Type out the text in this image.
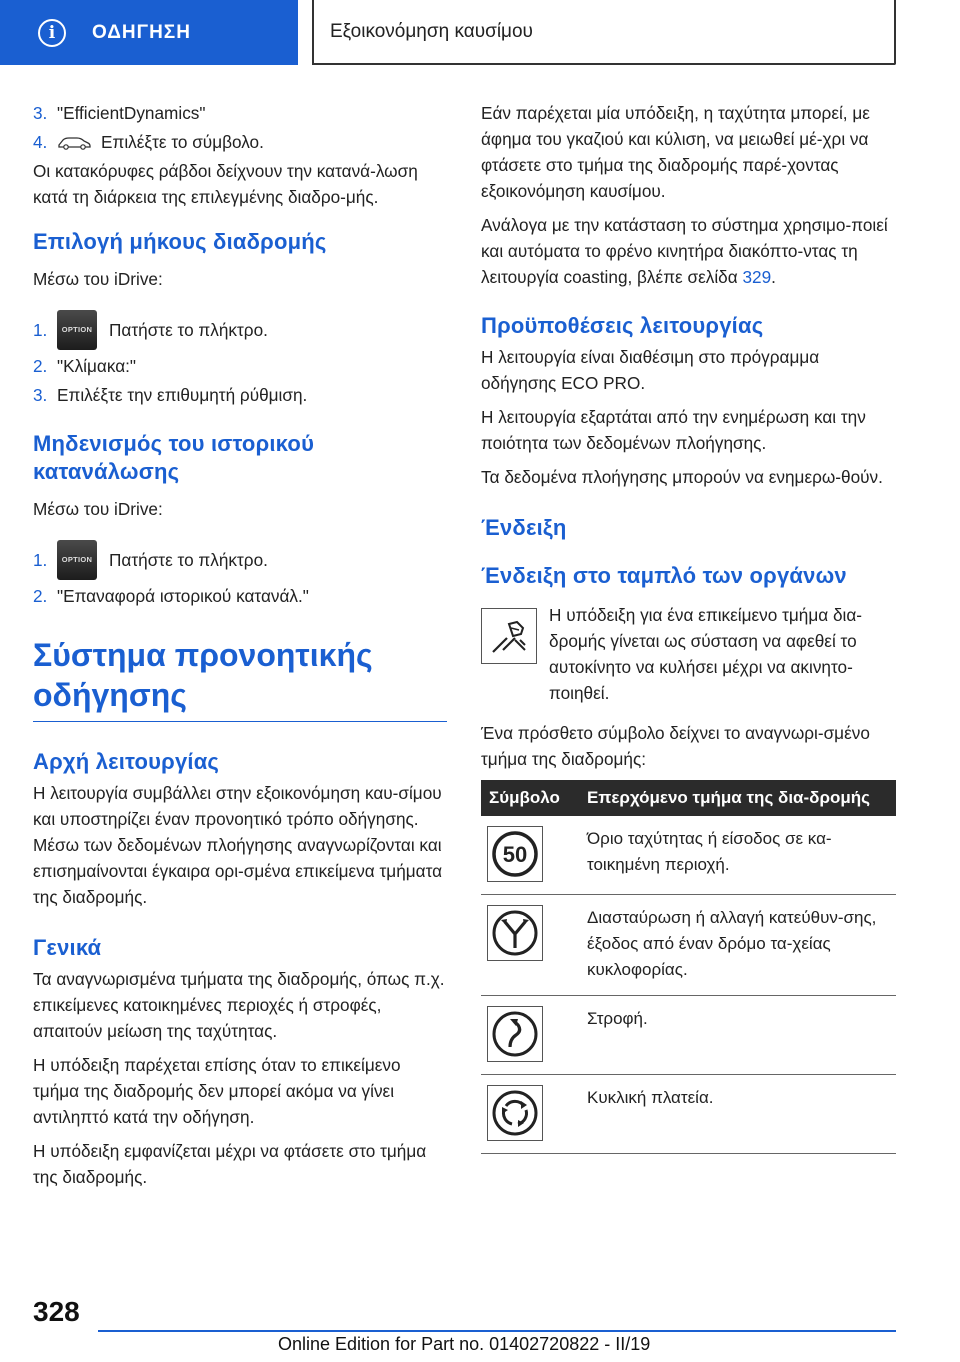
i	ΟΔΗΓΗΣΗ	Εξοικονόμηση καυσίμου
3. "EfficientDynamics"
4.	Επιλέξτε το σύμβολο.

Οι κατακόρυφες ράβδοι δείχνουν την κατανά‐λωση κατά τη διάρκεια της επιλεγμένης διαδρο‐μής.

Επιλογή μήκους διαδρομής

Μέσω του iDrive:

1.	OPTION Πατήστε το πλήκτρο.
2. "Κλίμακα:"
3. Επιλέξτε την επιθυμητή ρύθμιση.
Μηδενισμός του ιστορικού κατανάλωσης

Μέσω του iDrive:

1.	OPTION Πατήστε το πλήκτρο.
2. "Επαναφορά ιστορικού κατανάλ."
Σύστημα προνοητικής οδήγησης
Αρχή λειτουργίας

Η λειτουργία συμβάλλει στην εξοικονόμηση καυ‐σίμου και υποστηρίζει έναν προνοητικό τρόπο οδήγησης. Μέσω των δεδομένων πλοήγησης αναγνωρίζονται και επισημαίνονται έγκαιρα ορι‐σμένα επικείμενα τμήματα της διαδρομής.

Γενικά

Τα αναγνωρισμένα τμήματα της διαδρομής, όπως π.χ. επικείμενες κατοικημένες περιοχές ή στροφές, απαιτούν μείωση της ταχύτητας.

Η υπόδειξη παρέχεται επίσης όταν το επικείμενο τμήμα της διαδρομής δεν μπορεί ακόμα να γίνει αντιληπτό κατά την οδήγηση.

Η υπόδειξη εμφανίζεται μέχρι να φτάσετε στο τμήμα της διαδρομής.

Εάν παρέχεται μία υπόδειξη, η ταχύτητα μπορεί, με άφημα του γκαζιού και κύλιση, να μειωθεί μέ‐χρι να φτάσετε στο τμήμα της διαδρομής παρέ‐χοντας εξοικονόμηση καυσίμου.

Ανάλογα με την κατάσταση το σύστημα χρησιμο‐ποιεί και αυτόματα το φρένο κινητήρα διακόπτο‐ντας τη λειτουργία coasting, βλέπε σελίδα 329.

Προϋποθέσεις λειτουργίας

Η λειτουργία είναι διαθέσιμη στο πρόγραμμα οδήγησης ECO PRO.

Η λειτουργία εξαρτάται από την ενημέρωση και την ποιότητα των δεδομένων πλοήγησης.

Τα δεδομένα πλοήγησης μπορούν να ενημερω‐θούν.

Ένδειξη
Ένδειξη στο ταμπλό των οργάνων

Η υπόδειξη για ένα επικείμενο τμήμα δια‐δρομής γίνεται ως σύσταση να αφεθεί το αυτοκίνητο να κυλήσει μέχρι να ακινητο‐ποιηθεί.

Ένα πρόσθετο σύμβολο δείχνει το αναγνωρι‐σμένο τμήμα της διαδρομής:

Σύμβολο	Επερχόμενο τμήμα της δια‐δρομής

50	Όριο ταχύτητας ή είσοδος σε κα‐τοικημένη περιοχή.

	Διασταύρωση ή αλλαγή κατεύθυν‐σης, έξοδος από έναν δρόμο τα‐χείας κυκλοφορίας.

	Στροφή.

	Κυκλική πλατεία.
328
Online Edition for Part no. 01402720822 - II/19
